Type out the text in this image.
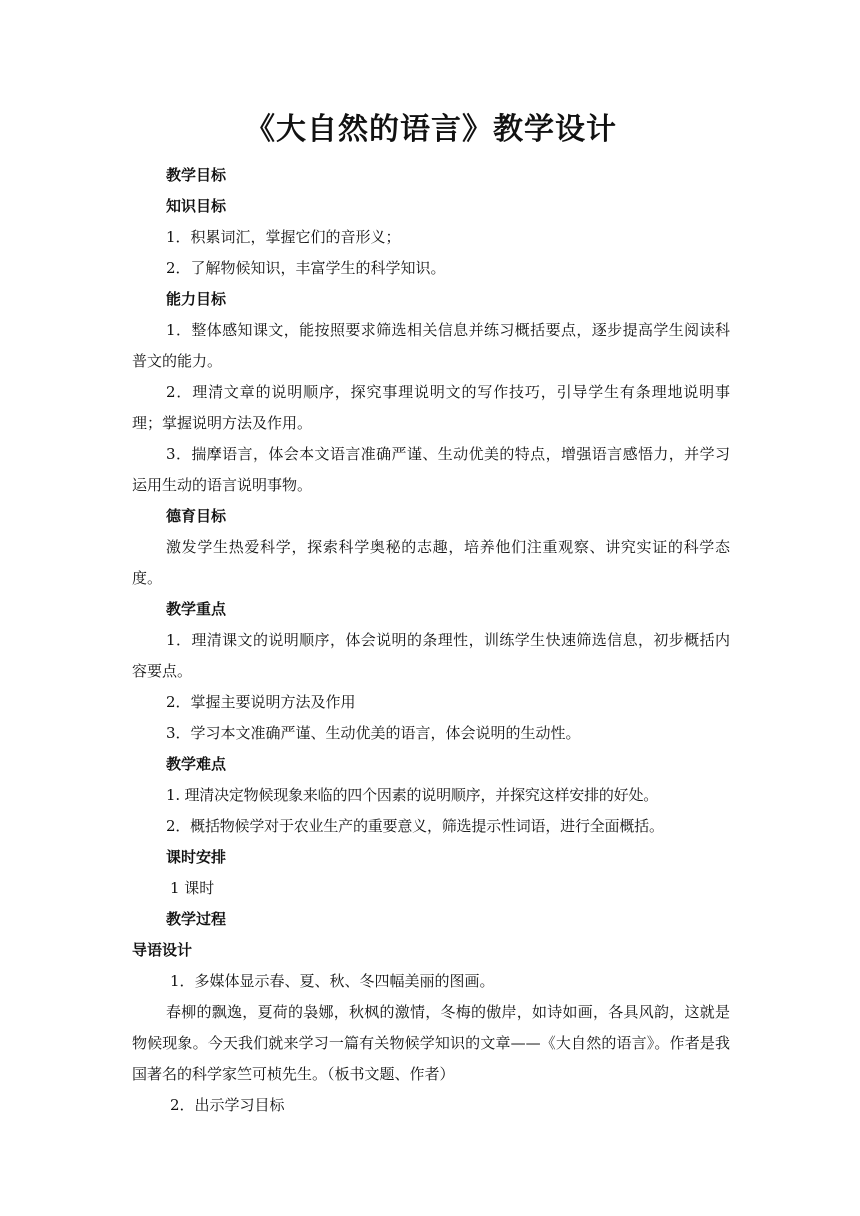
《大自然的语言》教学设计
教学目标
知识目标
1．积累词汇，掌握它们的音形义；
2．了解物候知识，丰富学生的科学知识。
能力目标
1．整体感知课文，能按照要求筛选相关信息并练习概括要点，逐步提高学生阅读科普文的能力。
2．理清文章的说明顺序，探究事理说明文的写作技巧，引导学生有条理地说明事理；掌握说明方法及作用。
3．揣摩语言，体会本文语言准确严谨、生动优美的特点，增强语言感悟力，并学习运用生动的语言说明事物。
德育目标
激发学生热爱科学，探索科学奥秘的志趣，培养他们注重观察、讲究实证的科学态度。
教学重点
1．理清课文的说明顺序，体会说明的条理性，训练学生快速筛选信息，初步概括内容要点。
2．掌握主要说明方法及作用
3．学习本文准确严谨、生动优美的语言，体会说明的生动性。
教学难点
1. 理清决定物候现象来临的四个因素的说明顺序，并探究这样安排的好处。
2．概括物候学对于农业生产的重要意义，筛选提示性词语，进行全面概括。
课时安排
1 课时
教学过程
导语设计
1．多媒体显示春、夏、秋、冬四幅美丽的图画。
春柳的飘逸，夏荷的袅娜，秋枫的激情，冬梅的傲岸，如诗如画，各具风韵，这就是物候现象。今天我们就来学习一篇有关物候学知识的文章——《大自然的语言》。作者是我国著名的科学家竺可桢先生。（板书文题、作者）
2．出示学习目标
